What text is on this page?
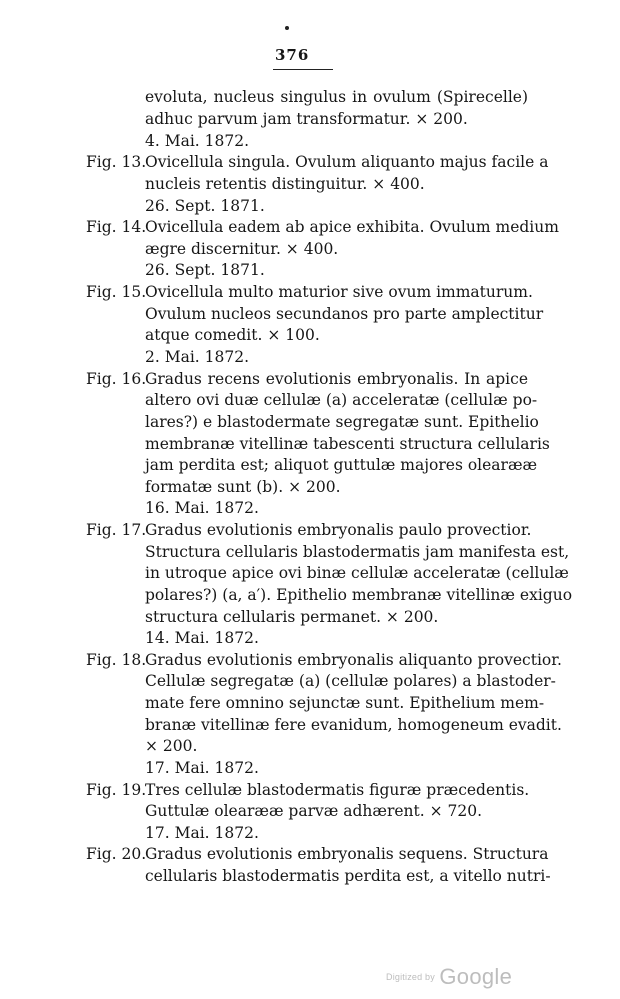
376
evoluta, nucleus singulus in ovulum (Spirecelle)
adhuc parvum jam transformatur. × 200.
4. Mai. 1872.
Fig. 13.
Ovicellula singula. Ovulum aliquanto majus facile a
nucleis retentis distinguitur. × 400.
26. Sept. 1871.
Fig. 14.
Ovicellula eadem ab apice exhibita. Ovulum medium
ægre discernitur. × 400.
26. Sept. 1871.
Fig. 15.
Ovicellula multo maturior sive ovum immaturum.
Ovulum nucleos secundanos pro parte amplectitur
atque comedit. × 100.
2. Mai. 1872.
Fig. 16.
Gradus recens evolutionis embryonalis. In apice
altero ovi duæ cellulæ (a) acceleratæ (cellulæ po-
lares?) e blastodermate segregatæ sunt. Epithelio
membranæ vitellinæ tabescenti structura cellularis
jam perdita est; aliquot guttulæ majores olearææ
formatæ sunt (b). × 200.
16. Mai. 1872.
Fig. 17.
Gradus evolutionis embryonalis paulo provectior.
Structura cellularis blastodermatis jam manifesta est,
in utroque apice ovi binæ cellulæ acceleratæ (cellulæ
polares?) (a, a′). Epithelio membranæ vitellinæ exiguo
structura cellularis permanet. × 200.
14. Mai. 1872.
Fig. 18.
Gradus evolutionis embryonalis aliquanto provectior.
Cellulæ segregatæ (a) (cellulæ polares) a blastoder-
mate fere omnino sejunctæ sunt. Epithelium mem-
branæ vitellinæ fere evanidum, homogeneum evadit.
× 200.
17. Mai. 1872.
Fig. 19.
Tres cellulæ blastodermatis figuræ præcedentis.
Guttulæ olearææ parvæ adhærent. × 720.
17. Mai. 1872.
Fig. 20.
Gradus evolutionis embryonalis sequens. Structura
cellularis blastodermatis perdita est, a vitello nutri-
$^{Digitized by}$ Google
